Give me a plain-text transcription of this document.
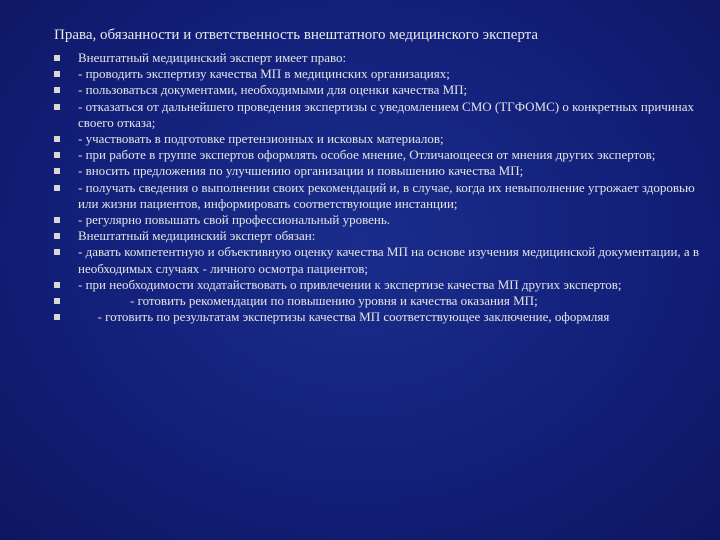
Права, обязанности и ответственность внештатного медицинского эксперта
Внештатный медицинский эксперт имеет право:
- проводить экспертизу качества МП в медицинских организациях;
- пользоваться документами, необходимыми для оценки качества МП;
- отказаться от дальнейшего проведения экспертизы с уведомлением СМО (ТГФОМС) о конкретных причинах своего отказа;
- участвовать в подготовке претензионных и исковых материалов;
- при работе в группе экспертов оформлять особое мнение, Отличающееся от мнения других экспертов;
- вносить предложения по улучшению организации и повышению качества МП;
- получать сведения о выполнении своих рекомендаций и, в случае, когда их невыполнение угрожает здоровью или жизни пациентов, информировать соответствующие инстанции;
- регулярно повышать свой профессиональный уровень.
Внештатный медицинский эксперт обязан:
- давать компетентную и объективную оценку качества МП на основе изучения медицинской документации, а в необходимых случаях - личного осмотра пациентов;
- при необходимости ходатайствовать о привлечении к экспертизе качества МП других экспертов;
- готовить рекомендации по повышению уровня и качества оказания МП;
- готовить по результатам экспертизы качества МП соответствующее заключение, оформляя
